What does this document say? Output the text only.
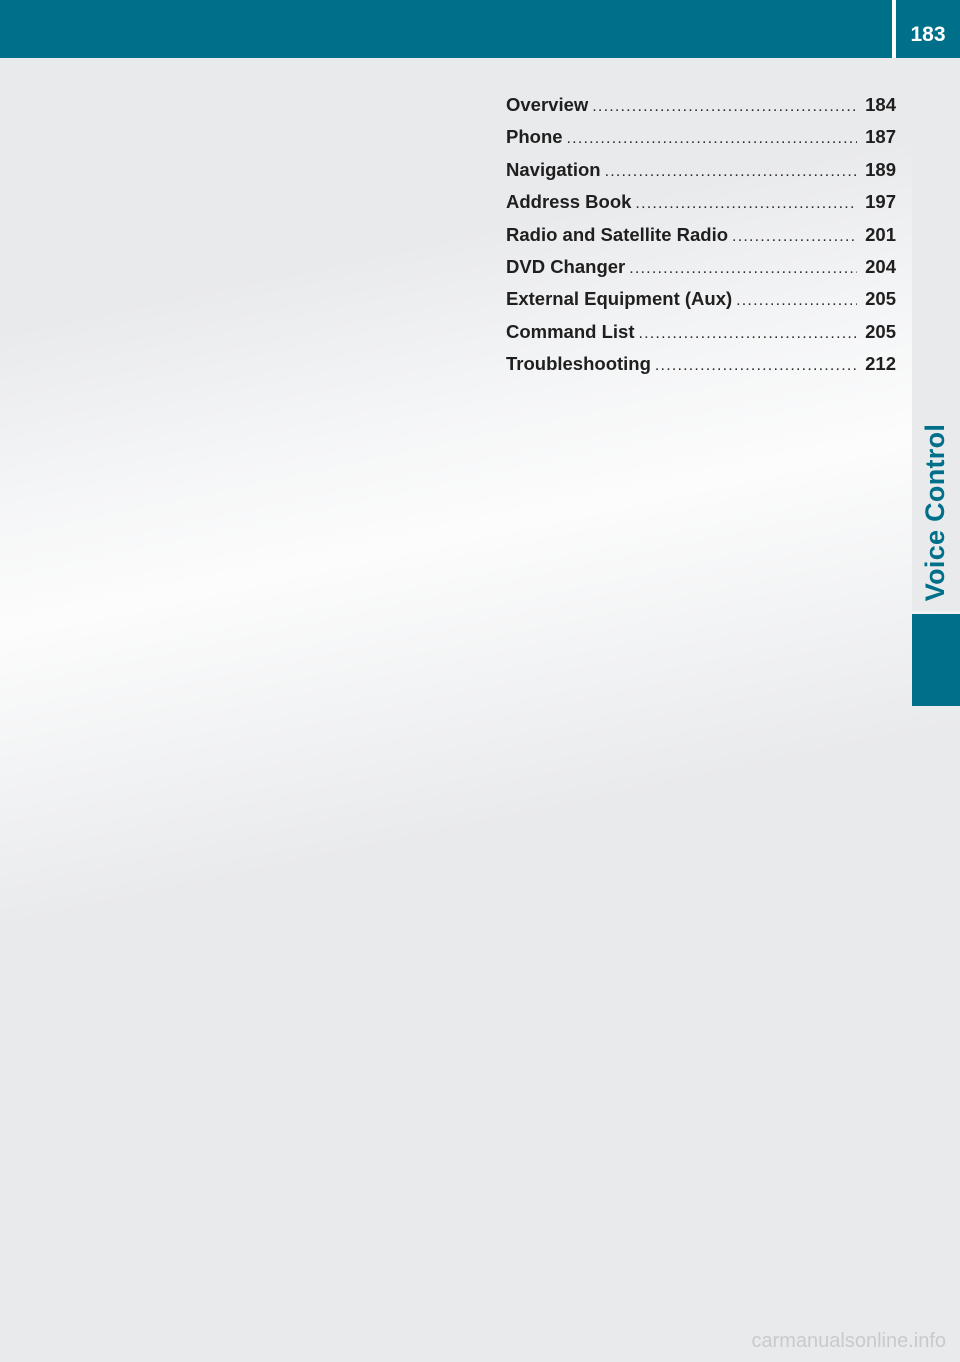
183
Voice Control
Overview .....	184
Phone .....	187
Navigation .....	189
Address Book .....	197
Radio and Satellite Radio .....	201
DVD Changer .....	204
External Equipment (Aux) .....	205
Command List .....	205
Troubleshooting .....	212
carmanualsonline.info
